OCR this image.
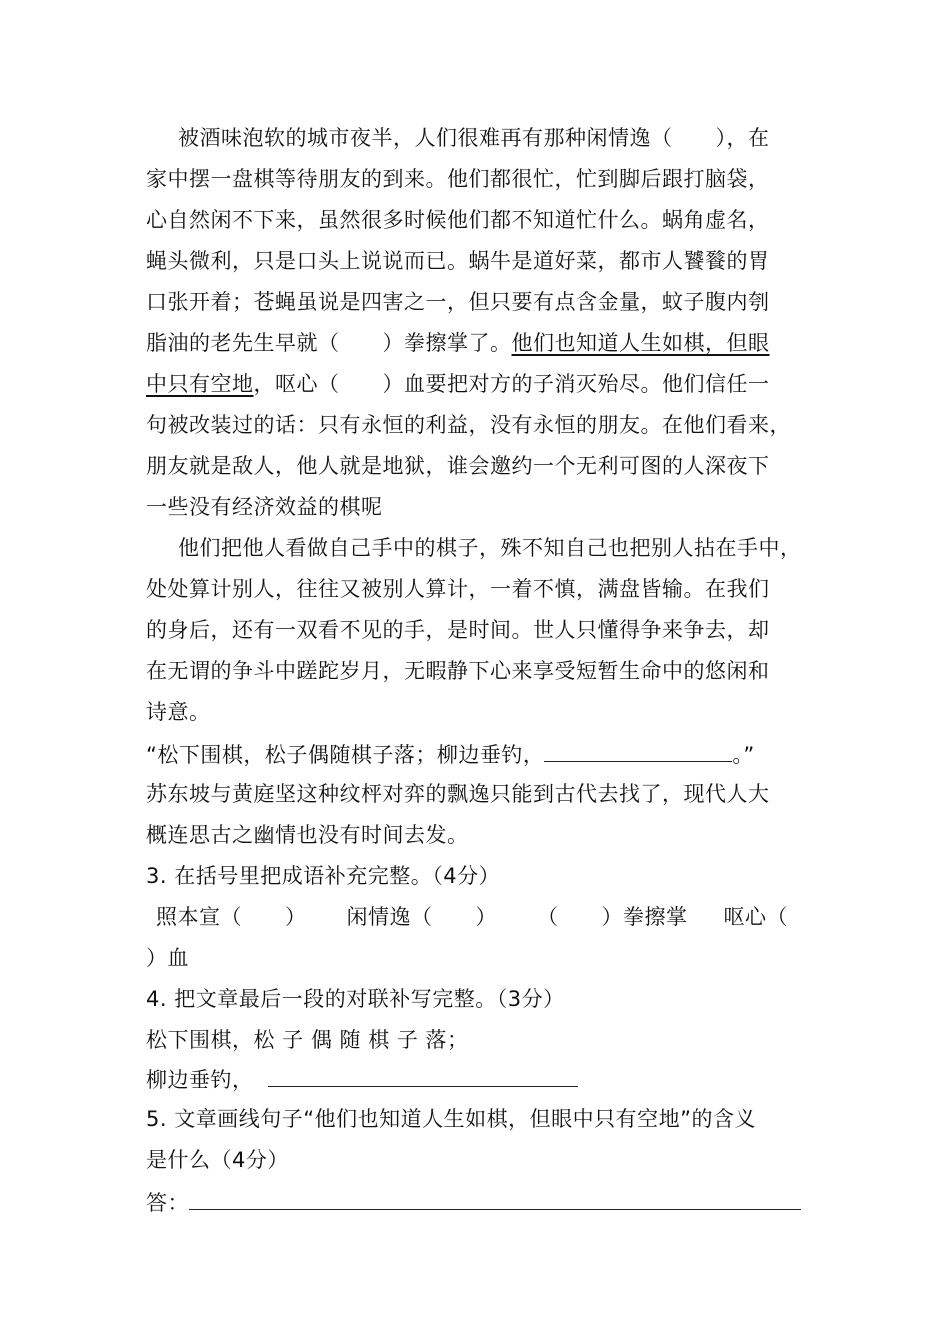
被酒味泡软的城市夜半，人们很难再有那种闲情逸（　　），在
家中摆一盘棋等待朋友的到来。他们都很忙，忙到脚后跟打脑袋，
心自然闲不下来，虽然很多时候他们都不知道忙什么。蜗角虚名，
蝇头微利，只是口头上说说而已。蜗牛是道好菜，都市人饕餮的胃
口张开着；苍蝇虽说是四害之一，但只要有点含金量，蚊子腹内刳
脂油的老先生早就（　　）拳擦掌了。他们也知道人生如棋，但眼
中只有空地，呕心（　　）血要把对方的子消灭殆尽。他们信任一
句被改装过的话：只有永恒的利益，没有永恒的朋友。在他们看来，
朋友就是敌人，他人就是地狱，谁会邀约一个无利可图的人深夜下
一些没有经济效益的棋呢
他们把他人看做自己手中的棋子，殊不知自己也把别人拈在手中，
处处算计别人，往往又被别人算计，一着不慎，满盘皆输。在我们
的身后，还有一双看不见的手，是时间。世人只懂得争来争去，却
在无谓的争斗中蹉跎岁月，无暇静下心来享受短暂生命中的悠闲和
诗意。
“松下围棋，松子偶随棋子落；柳边垂钓，	。”
苏东坡与黄庭坚这种纹枰对弈的飘逸只能到古代去找了，现代人大
概连思古之幽情也没有时间去发。
3. 在括号里把成语补充完整。（4分）
照本宣（　　） 闲情逸（　　） （　　）拳擦掌 呕心（
）血
4. 把文章最后一段的对联补写完整。（3分）
松下围棋，松 子 偶 随 棋 子 落；
柳边垂钓，
5. 文章画线句子“他们也知道人生如棋，但眼中只有空地”的含义
是什么（4分）
答：
